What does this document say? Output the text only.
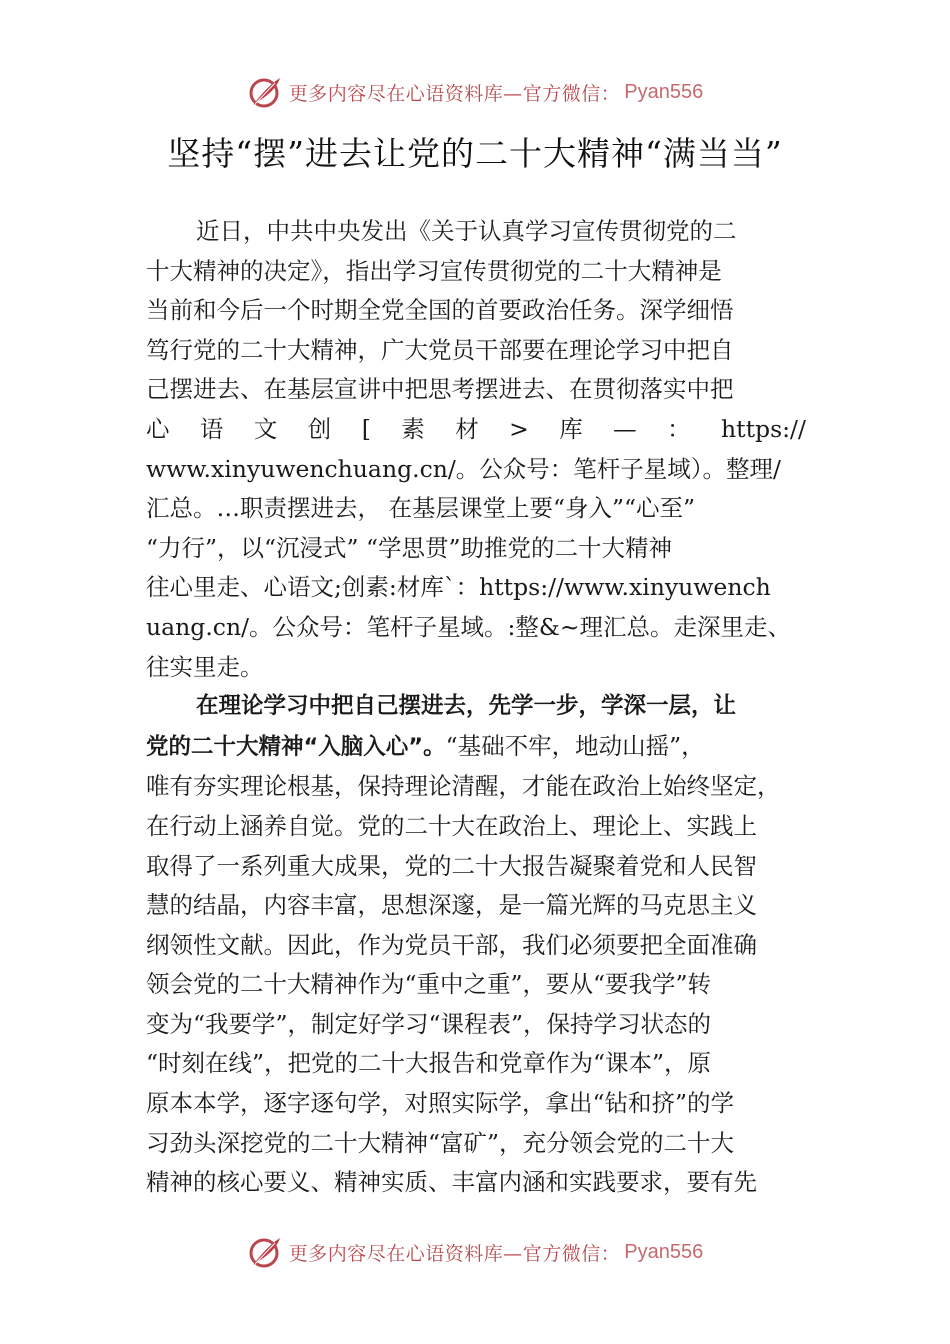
更多内容尽在心语资料库—官方微信： Pyan556
坚持“摆”进去让党的二十大精神“满当当”

近日，中共中央发出《关于认真学习宣传贯彻党的二
十大精神的决定》，指出学习宣传贯彻党的二十大精神是
当前和今后一个时期全党全国的首要政治任务。深学细悟
笃行党的二十大精神，广大党员干部要在理论学习中把自
己摆进去、在基层宣讲中把思考摆进去、在贯彻落实中把
心 语 文 创 [ 素 材 > 库 — ： https://
www.xinyuwenchuang.cn/。公众号：笔杆子星域）。整理/
汇总。…职责摆进去， 在基层课堂上要“身入”“心至”
“力行”，以“沉浸式” “学思贯”助推党的二十大精神
往心里走、心语文;创素:材库`：https://www.xinyuwench
uang.cn/。公众号：笔杆子星域。:整&~理汇总。走深里走、
往实里走。

在理论学习中把自己摆进去，先学一步，学深一层，让
党的二十大精神“入脑入心”。“基础不牢，地动山摇”，
唯有夯实理论根基，保持理论清醒，才能在政治上始终坚定，
在行动上涵养自觉。党的二十大在政治上、理论上、实践上
取得了一系列重大成果，党的二十大报告凝聚着党和人民智
慧的结晶，内容丰富，思想深邃，是一篇光辉的马克思主义
纲领性文献。因此，作为党员干部，我们必须要把全面准确
领会党的二十大精神作为“重中之重”，要从“要我学”转
变为“我要学”，制定好学习“课程表”，保持学习状态的
“时刻在线”，把党的二十大报告和党章作为“课本”，原
原本本学，逐字逐句学，对照实际学，拿出“钻和挤”的学
习劲头深挖党的二十大精神“富矿”，充分领会党的二十大
精神的核心要义、精神实质、丰富内涵和实践要求，要有先

更多内容尽在心语资料库—官方微信： Pyan556
